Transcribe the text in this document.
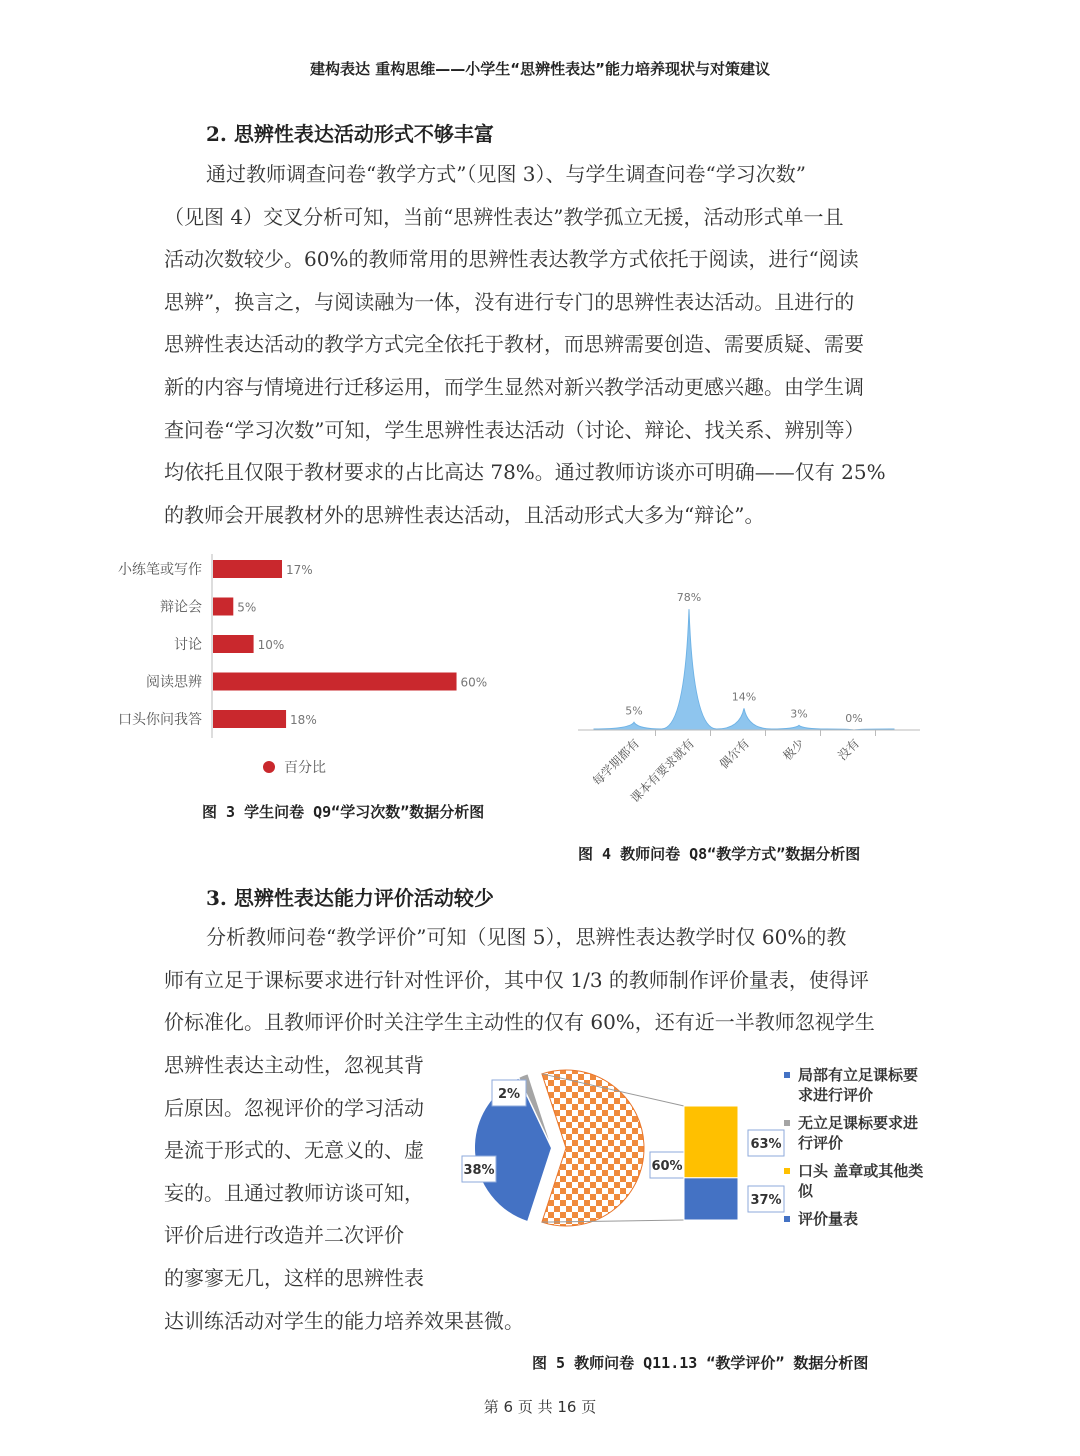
建构表达 重构思维——小学生“思辨性表达”能力培养现状与对策建议
2. 思辨性表达活动形式不够丰富
通过教师调查问卷“教学方式”（见图 3）、与学生调查问卷“学习次数”
（见图 4）交叉分析可知，当前“思辨性表达”教学孤立无援，活动形式单一且
活动次数较少。60%的教师常用的思辨性表达教学方式依托于阅读，进行“阅读
思辨”，换言之，与阅读融为一体，没有进行专门的思辨性表达活动。且进行的
思辨性表达活动的教学方式完全依托于教材，而思辨需要创造、需要质疑、需要
新的内容与情境进行迁移运用，而学生显然对新兴教学活动更感兴趣。由学生调
查问卷“学习次数”可知，学生思辨性表达活动（讨论、辩论、找关系、辨别等）
均依托且仅限于教材要求的占比高达 78%。通过教师访谈亦可明确——仅有 25%
的教师会开展教材外的思辨性表达活动，且活动形式大多为“辩论”。
小练笔或写作	17%
辩论会	5%
讨论	10%
阅读思辨	60%
口头你问我答	18%
百分比
图 3 学生问卷 Q9“学习次数”数据分析图
5%
每学期都有
78%
课本有要求就有
14%
偶尔有
3%
极少
0%
没有
图 4 教师问卷 Q8“教学方式”数据分析图
3. 思辨性表达能力评价活动较少
分析教师问卷“教学评价”可知（见图 5），思辨性表达教学时仅 60%的教
师有立足于课标要求进行针对性评价，其中仅 1/3 的教师制作评价量表，使得评
价标准化。且教师评价时关注学生主动性的仅有 60%，还有近一半教师忽视学生
思辨性表达主动性，忽视其背
后原因。忽视评价的学习活动
是流于形式的、无意义的、虚
妄的。且通过教师访谈可知，
评价后进行改造并二次评价
的寥寥无几，这样的思辨性表
达训练活动对学生的能力培养效果甚微。
2%
38%	60%
63%
37%
局部有立足课标要
求进行评价
无立足课标要求进
行评价
口头 盖章或其他类
似
评价量表
图 5 教师问卷 Q11.13 “教学评价” 数据分析图
第 6 页 共 16 页
